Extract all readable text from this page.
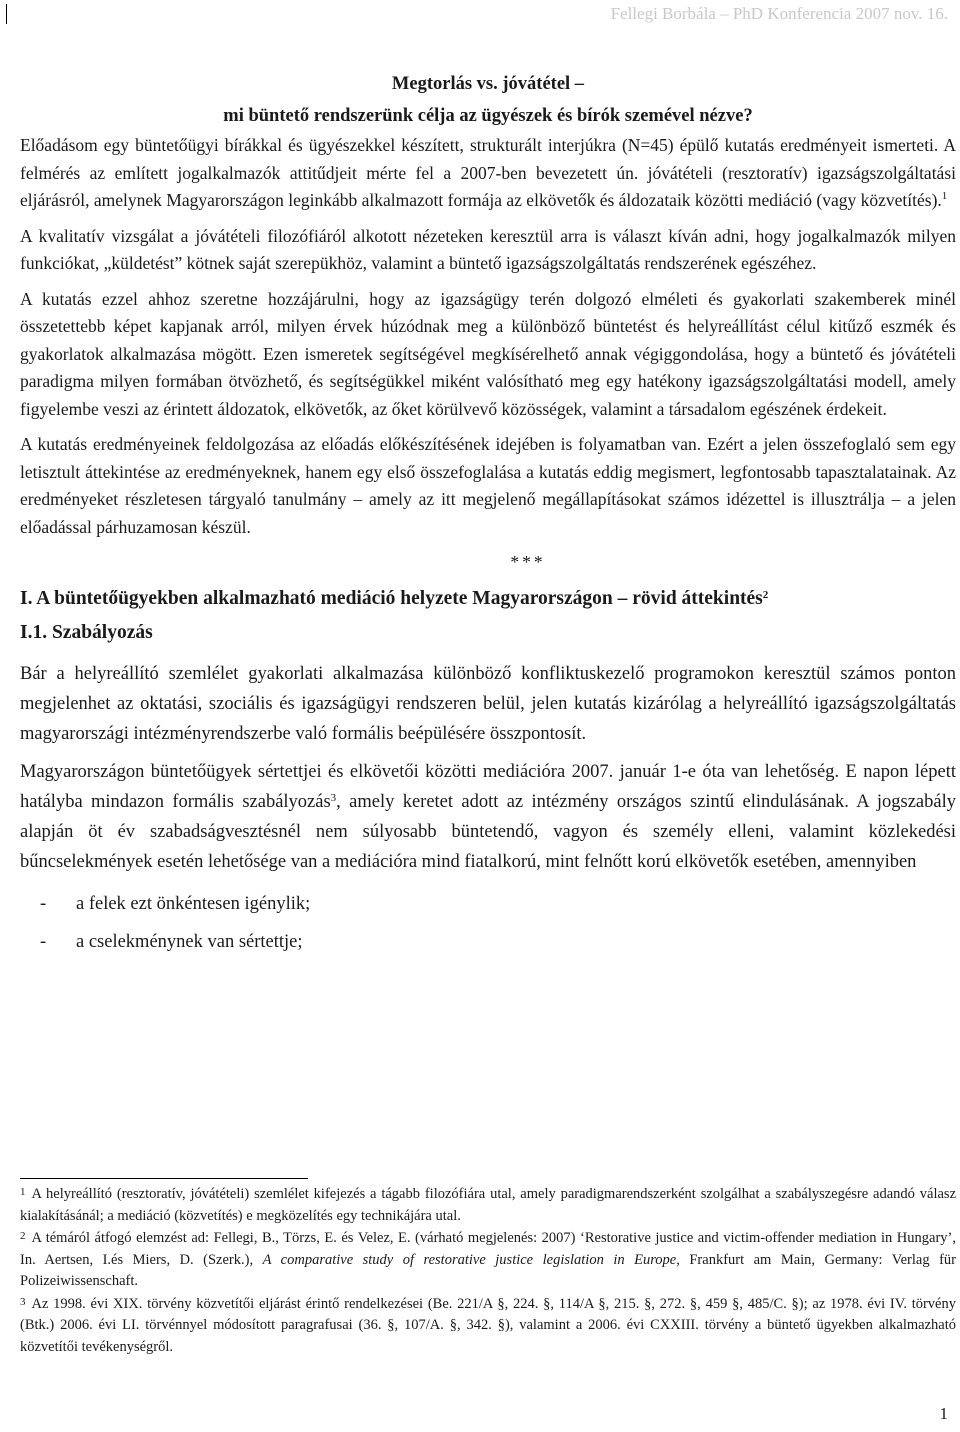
Fellegi Borbála – PhD Konferencia 2007 nov. 16.
Megtorlás vs. jóvátétel –
mi büntető rendszerünk célja az ügyészek és bírók szemével nézve?

Előadásom egy büntetőügyi bírákkal és ügyészekkel készített, strukturált interjúkra (N=45) épülő kutatás eredményeit ismerteti. A felmérés az említett jogalkalmazók attitűdjeit mérte fel a 2007-ben bevezetett ún. jóvátételi (resztoratív) igazságszolgáltatási eljárásról, amelynek Magyarországon leginkább alkalmazott formája az elkövetők és áldozataik közötti mediáció (vagy közvetítés).$^1$

A kvalitatív vizsgálat a jóvátételi filozófiáról alkotott nézeteken keresztül arra is választ kíván adni, hogy jogalkalmazók milyen funkciókat, „küldetést” kötnek saját szerepükhöz, valamint a büntető igazságszolgáltatás rendszerének egészéhez.

A kutatás ezzel ahhoz szeretne hozzájárulni, hogy az igazságügy terén dolgozó elméleti és gyakorlati szakemberek minél összetettebb képet kapjanak arról, milyen érvek húzódnak meg a különböző büntetést és helyreállítást célul kitűző eszmék és gyakorlatok alkalmazása mögött. Ezen ismeretek segítségével megkísérelhető annak végiggondolása, hogy a büntető és jóvátételi paradigma milyen formában ötvözhető, és segítségükkel miként valósítható meg egy hatékony igazságszolgáltatási modell, amely figyelembe veszi az érintett áldozatok, elkövetők, az őket körülvevő közösségek, valamint a társadalom egészének érdekeit.

A kutatás eredményeinek feldolgozása az előadás előkészítésének idejében is folyamatban van. Ezért a jelen összefoglaló sem egy letisztult áttekintése az eredményeknek, hanem egy első összefoglalása a kutatás eddig megismert, legfontosabb tapasztalatainak. Az eredményeket részletesen tárgyaló tanulmány – amely az itt megjelenő megállapításokat számos idézettel is illusztrálja – a jelen előadással párhuzamosan készül.

***
I. A büntetőügyekben alkalmazható mediáció helyzete Magyarországon – rövid áttekintés$^2$
I.1. Szabályozás

Bár a helyreállító szemlélet gyakorlati alkalmazása különböző konfliktuskezelő programokon keresztül számos ponton megjelenhet az oktatási, szociális és igazságügyi rendszeren belül, jelen kutatás kizárólag a helyreállító igazságszolgáltatás magyarországi intézményrendszerbe való formális beépülésére összpontosít.

Magyarországon büntetőügyek sértettjei és elkövetői közötti mediációra 2007. január 1-e óta van lehetőség. E napon lépett hatályba mindazon formális szabályozás$^3$, amely keretet adott az intézmény országos szintű elindulásának. A jogszabály alapján öt év szabadságvesztésnél nem súlyosabb büntetendő, vagyon és személy elleni, valamint közlekedési bűncselekmények esetén lehetősége van a mediációra mind fiatalkorú, mint felnőtt korú elkövetők esetében, amennyiben

- a felek ezt önkéntesen igénylik;
- a cselekménynek van sértettje;

$^1$ A helyreállító (resztoratív, jóvátételi) szemlélet kifejezés a tágabb filozófiára utal, amely paradigmarendszerként szolgálhat a szabályszegésre adandó válasz kialakításánál; a mediáció (közvetítés) e megközelítés egy technikájára utal.

$^2$ A témáról átfogó elemzést ad: Fellegi, B., Törzs, E. és Velez, E. (várható megjelenés: 2007) ‘Restorative justice and victim-offender mediation in Hungary’, In. Aertsen, I.és Miers, D. (Szerk.), A comparative study of restorative justice legislation in Europe, Frankfurt am Main, Germany: Verlag für Polizeiwissenschaft.

$^3$ Az 1998. évi XIX. törvény közvetítői eljárást érintő rendelkezései (Be. 221/A §, 224. §, 114/A §, 215. §, 272. §, 459 §, 485/C. §); az 1978. évi IV. törvény (Btk.) 2006. évi LI. törvénnyel módosított paragrafusai (36. §, 107/A. §, 342. §), valamint a 2006. évi CXXIII. törvény a büntető ügyekben alkalmazható közvetítői tevékenységről.

1
